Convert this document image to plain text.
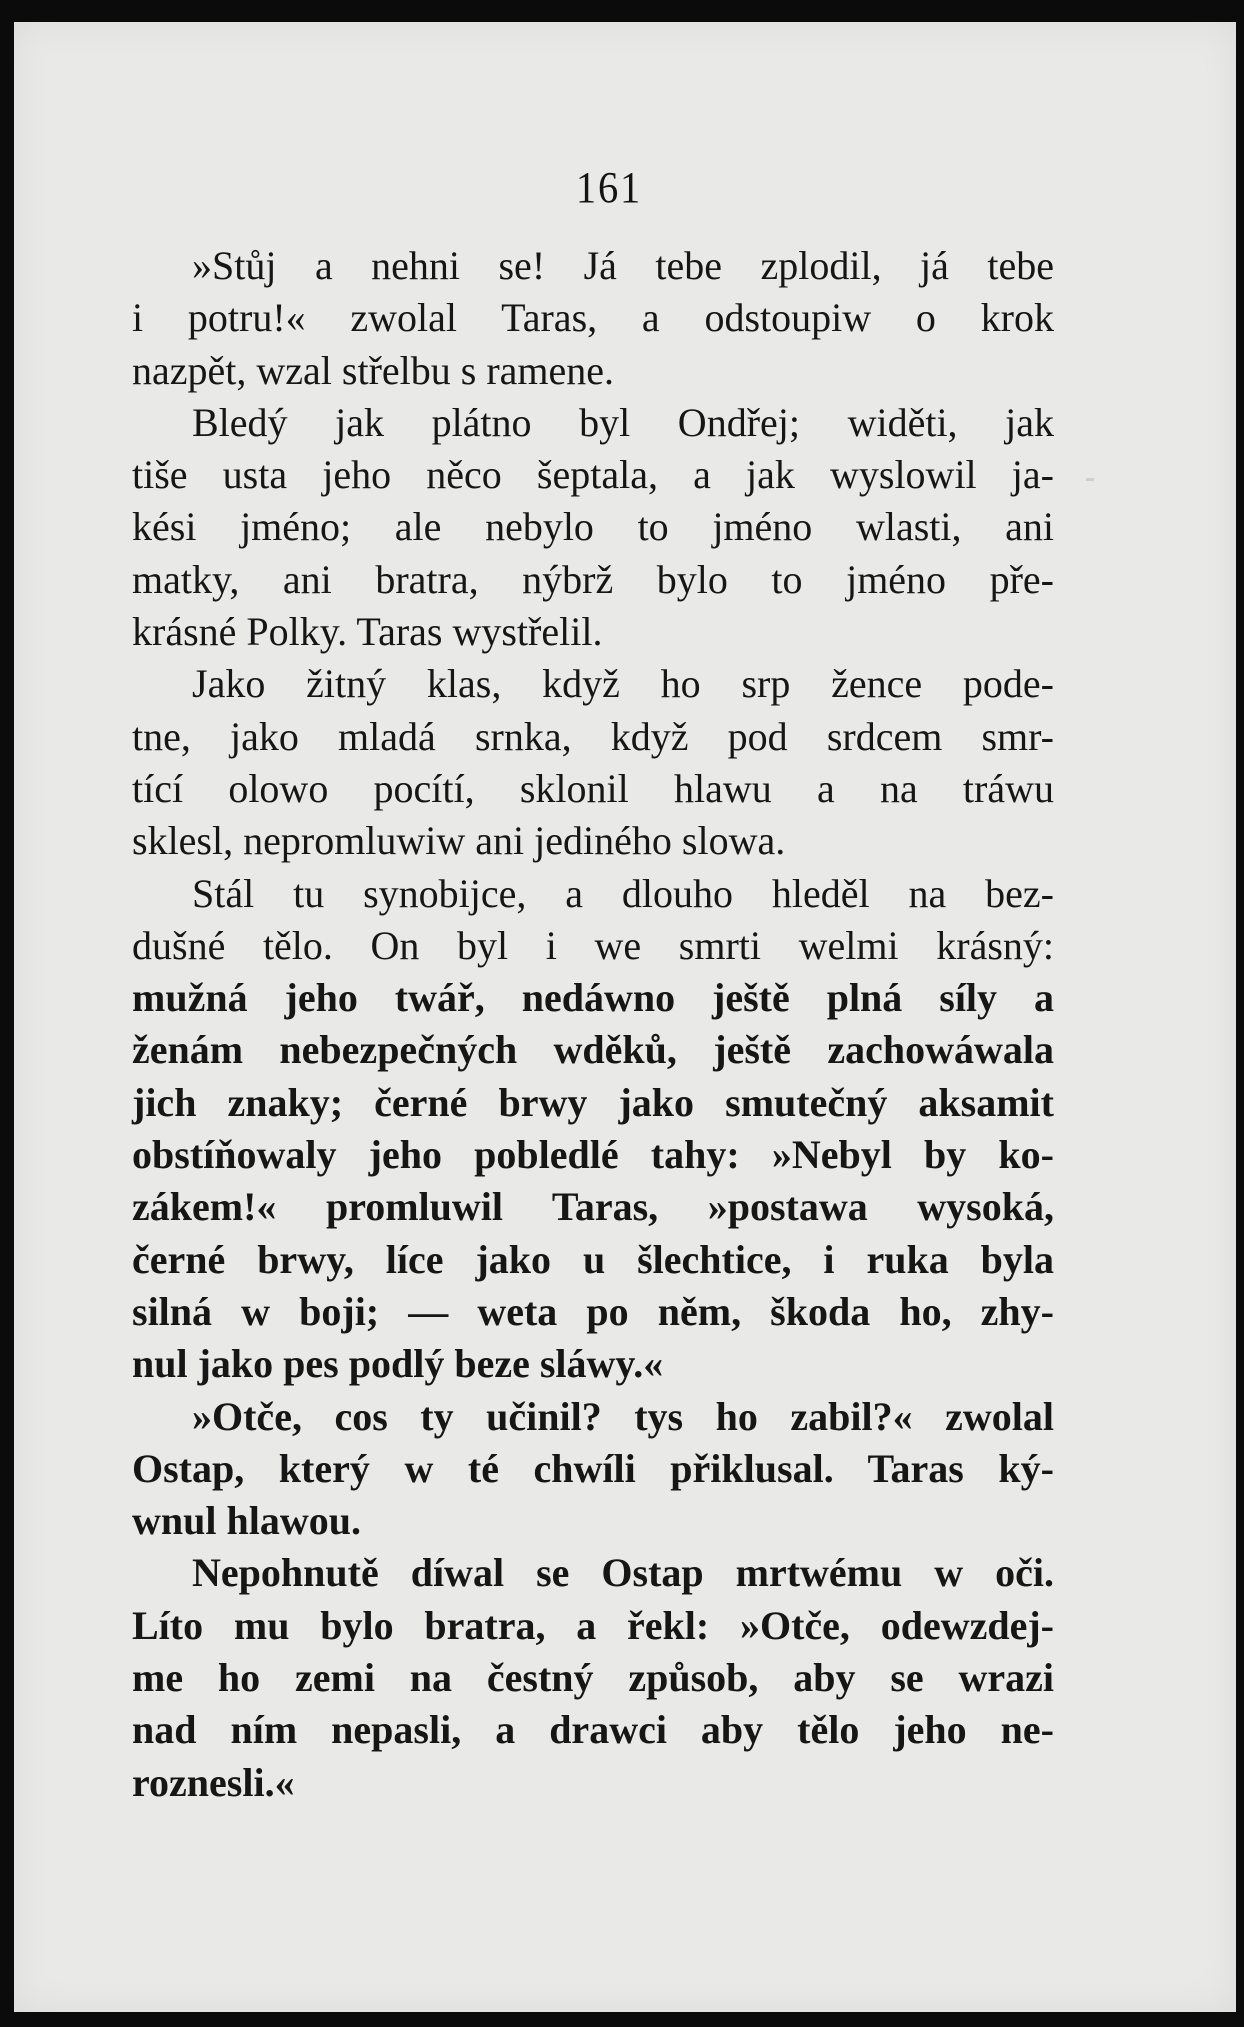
161
»Stůj a nehni se! Já tebe zplodil, já tebe
i potru!« zwolal Taras, a odstoupiw o krok
nazpět, wzal střelbu s ramene.
Bledý jak plátno byl Ondřej; widěti, jak
tiše usta jeho něco šeptala, a jak wyslowil ja-
kési jméno; ale nebylo to jméno wlasti, ani
matky, ani bratra, nýbrž bylo to jméno pře-
krásné Polky. Taras wystřelil.
Jako žitný klas, když ho srp žence pode-
tne, jako mladá srnka, když pod srdcem smr-
tící olowo pocítí, sklonil hlawu a na tráwu
sklesl, nepromluwiw ani jediného slowa.
Stál tu synobijce, a dlouho hleděl na bez-
dušné tělo. On byl i we smrti welmi krásný:
mužná jeho twář, nedáwno ještě plná síly a
ženám nebezpečných wděků, ještě zachowáwala
jich znaky; černé brwy jako smutečný aksamit
obstíňowaly jeho pobledlé tahy: »Nebyl by ko-
zákem!« promluwil Taras, »postawa wysoká,
černé brwy, líce jako u šlechtice, i ruka byla
silná w boji; — weta po něm, škoda ho, zhy-
nul jako pes podlý beze sláwy.«
»Otče, cos ty učinil? tys ho zabil?« zwolal
Ostap, který w té chwíli přiklusal. Taras ký-
wnul hlawou.
Nepohnutě díwal se Ostap mrtwému w oči.
Líto mu bylo bratra, a řekl: »Otče, odewzdej-
me ho zemi na čestný způsob, aby se wrazi
nad ním nepasli, a drawci aby tělo jeho ne-
roznesli.«
